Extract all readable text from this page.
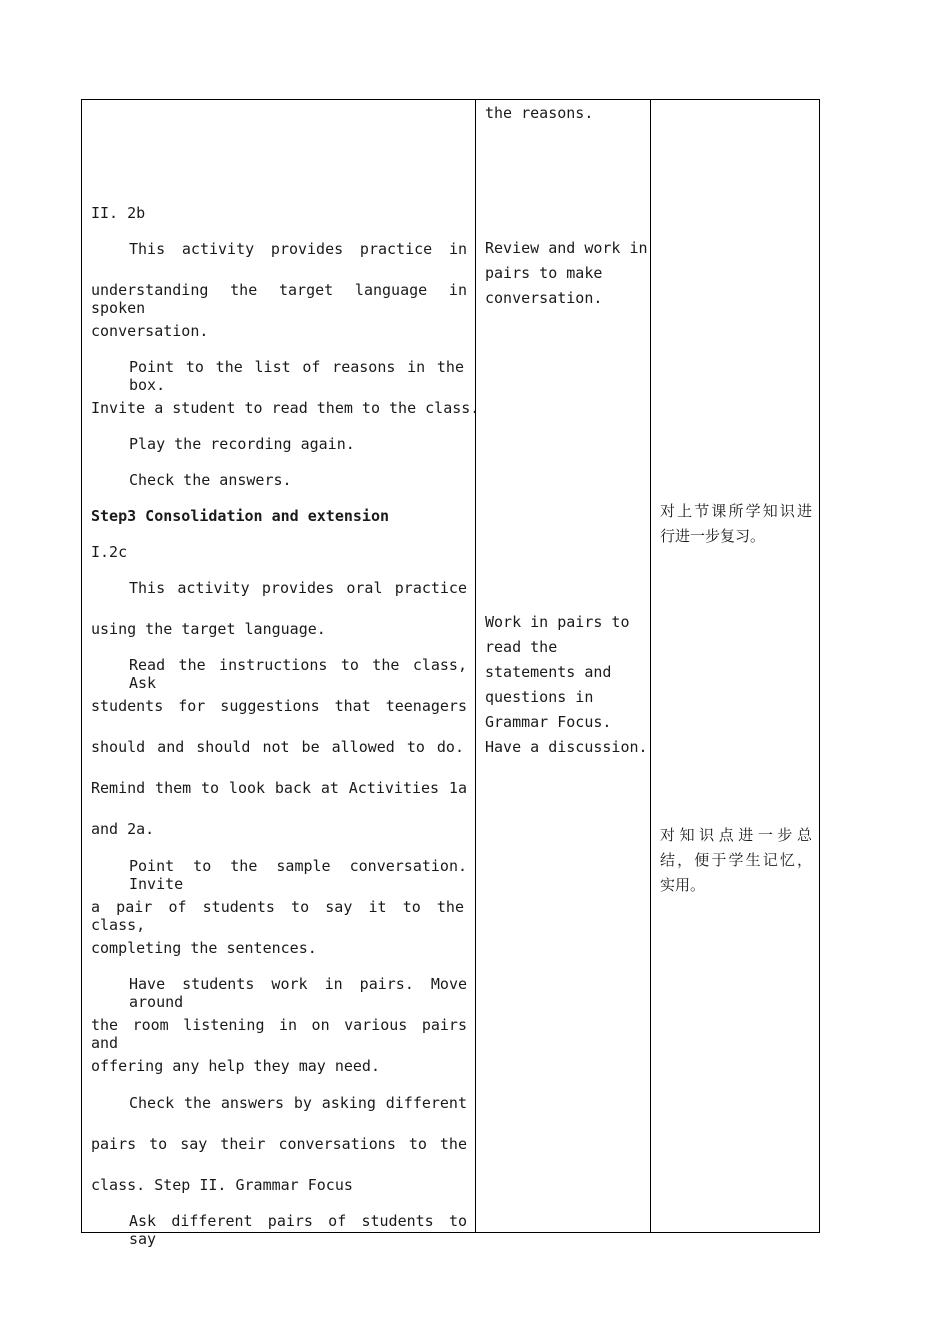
II. 2b
This activity provides practice in
understanding the target language in spoken
conversation.
Point to the list of reasons in the box.
Invite a student to read them to the class.
Play the recording again.
Check the answers.
Step3 Consolidation and extension
I.2c
This activity provides oral practice
using the target language.
Read the instructions to the class, Ask
students for suggestions that teenagers
should and should not be allowed to do.
Remind them to look back at Activities 1a
and 2a.
Point to the sample conversation. Invite
a pair of students to say it to the class,
completing the sentences.
Have students work in pairs. Move around
the room listening in on various pairs and
offering any help they may need.
Check the answers by asking different
pairs to say their conversations to the
class. Step II. Grammar Focus
Ask different pairs of students to say
the reasons.
Review and work in
pairs to make
conversation.
Work in pairs to
read the
statements and
questions in
Grammar Focus.
Have a discussion.
对上节课所学知识进
行进一步复习。
对知识点进一步总
结，便于学生记忆，
实用。
